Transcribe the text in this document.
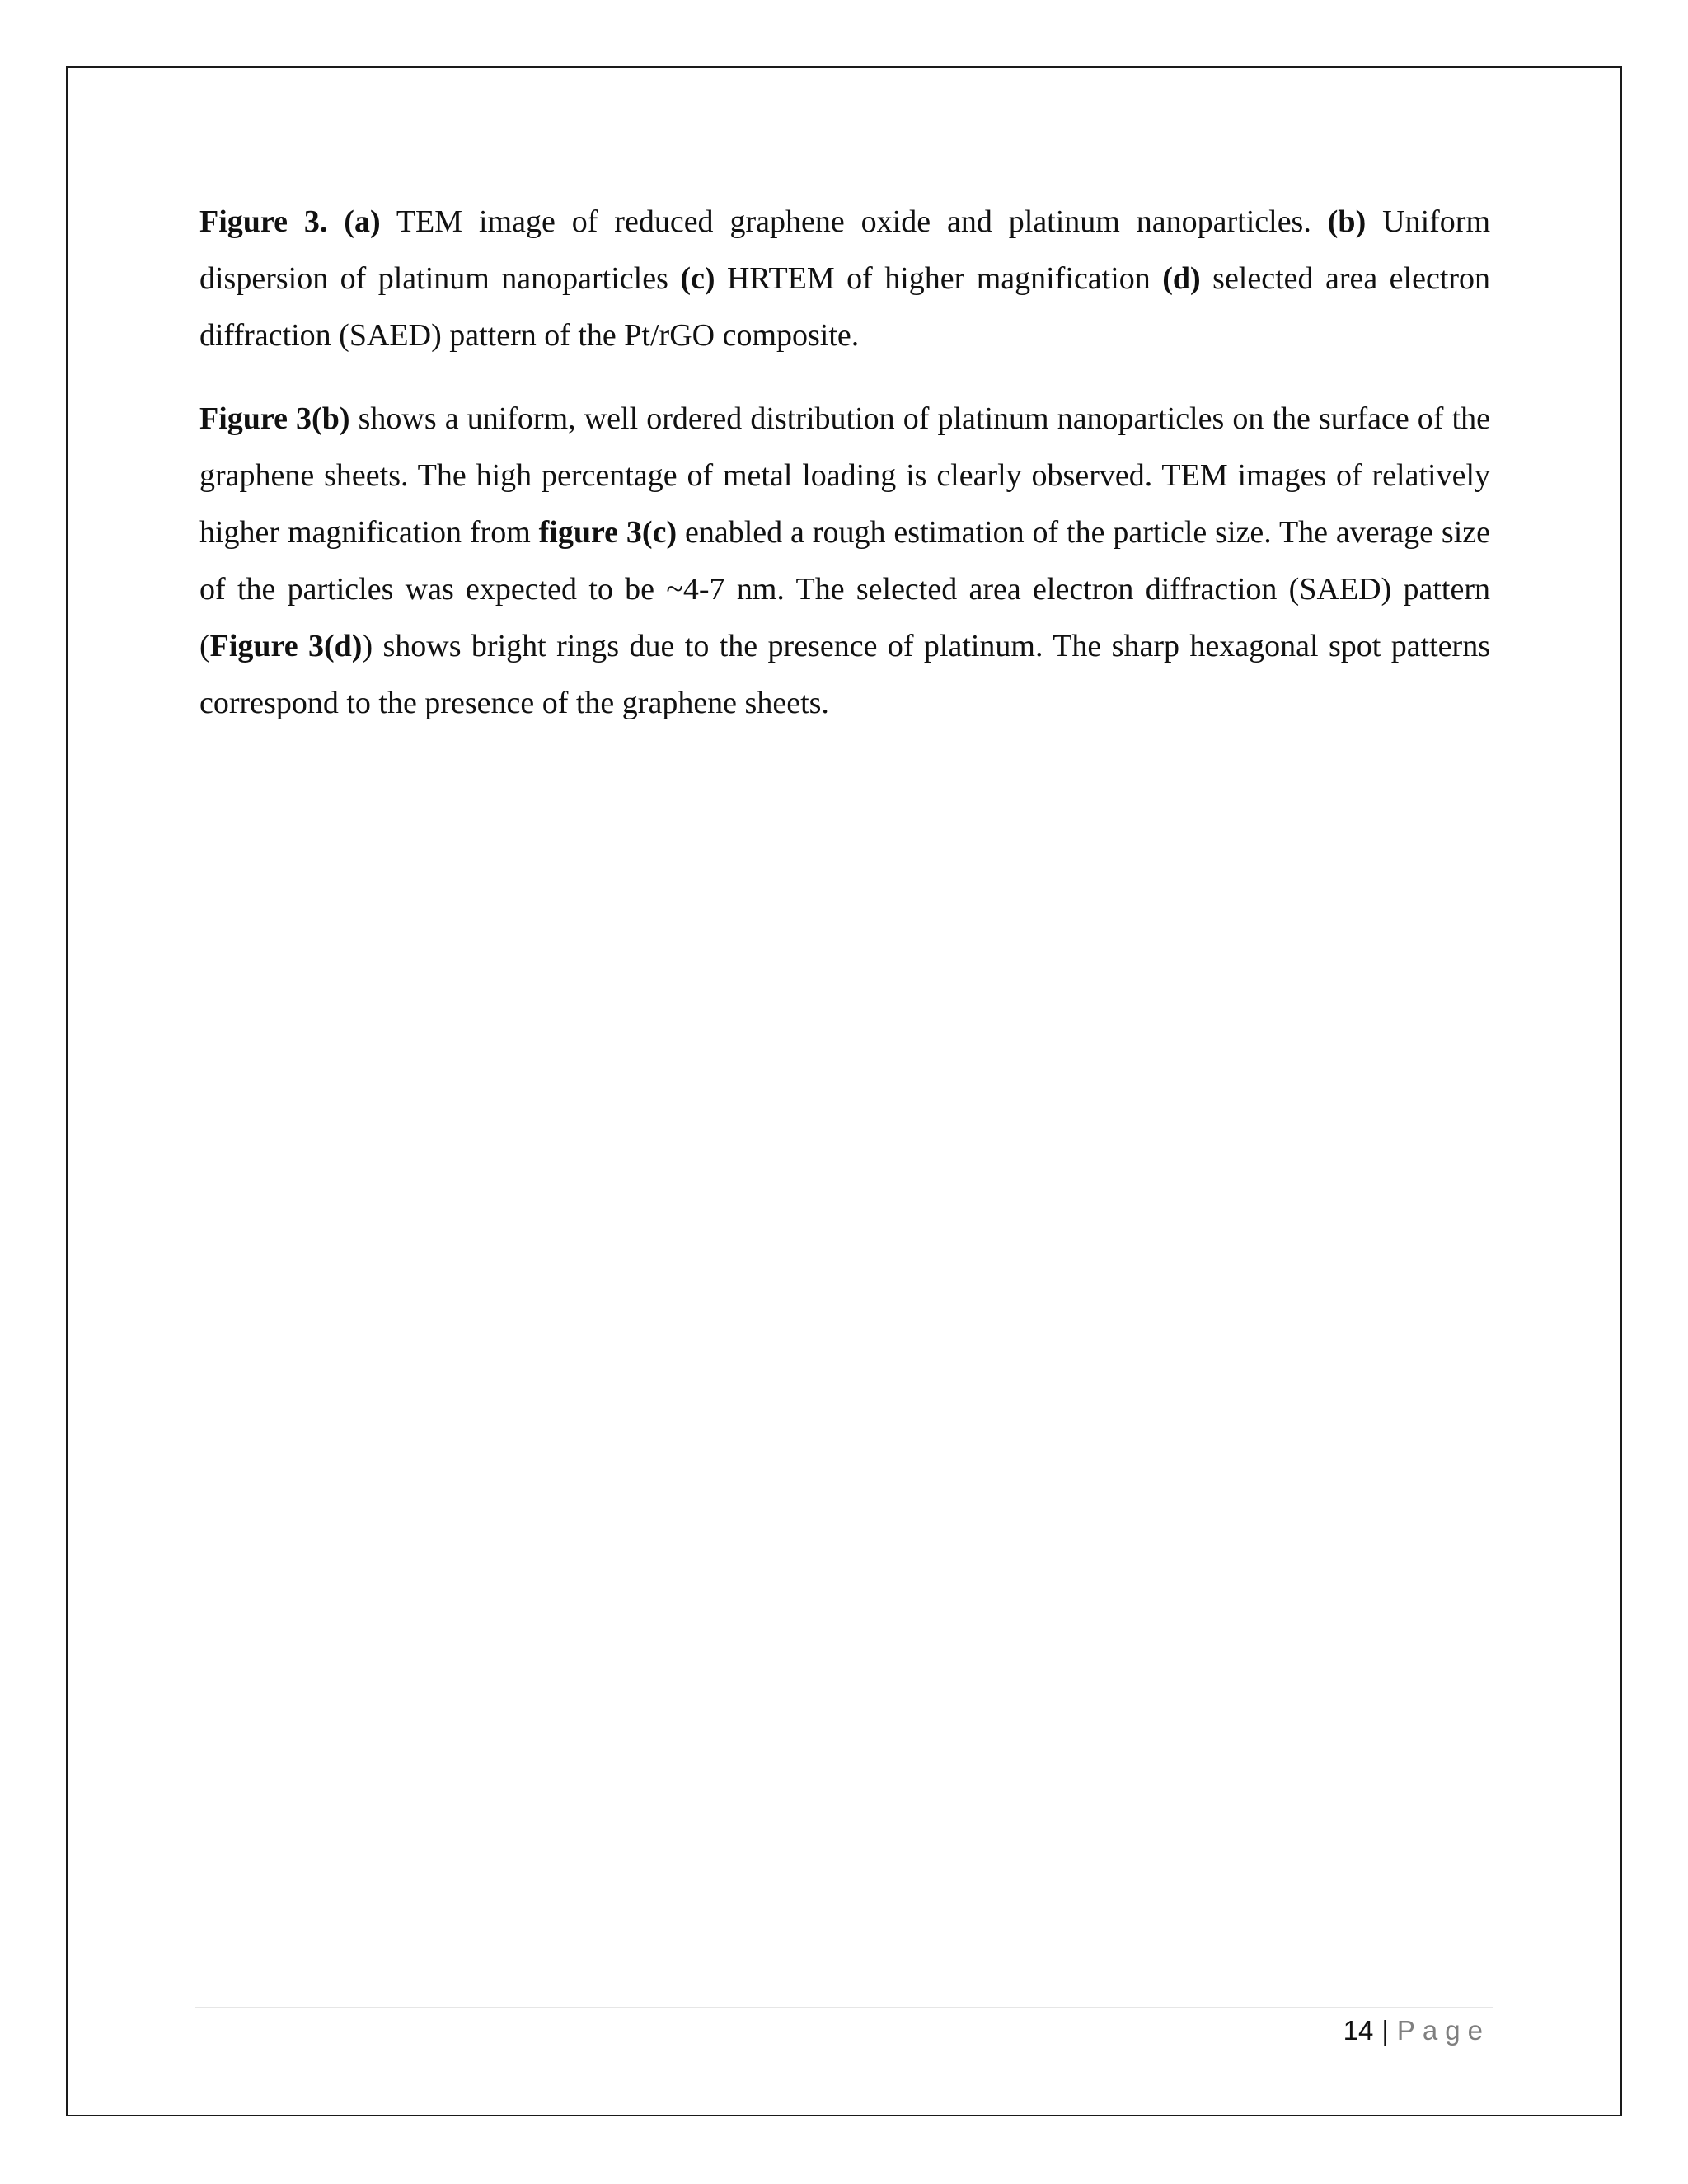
Figure 3. (a) TEM image of reduced graphene oxide and platinum nanoparticles. (b) Uniform dispersion of platinum nanoparticles (c) HRTEM of higher magnification (d) selected area electron diffraction (SAED) pattern of the Pt/rGO composite.

Figure 3(b) shows a uniform, well ordered distribution of platinum nanoparticles on the surface of the graphene sheets. The high percentage of metal loading is clearly observed. TEM images of relatively higher magnification from figure 3(c) enabled a rough estimation of the particle size. The average size of the particles was expected to be ~4-7 nm. The selected area electron diffraction (SAED) pattern (Figure 3(d)) shows bright rings due to the presence of platinum. The sharp hexagonal spot patterns correspond to the presence of the graphene sheets.

14 | Page
